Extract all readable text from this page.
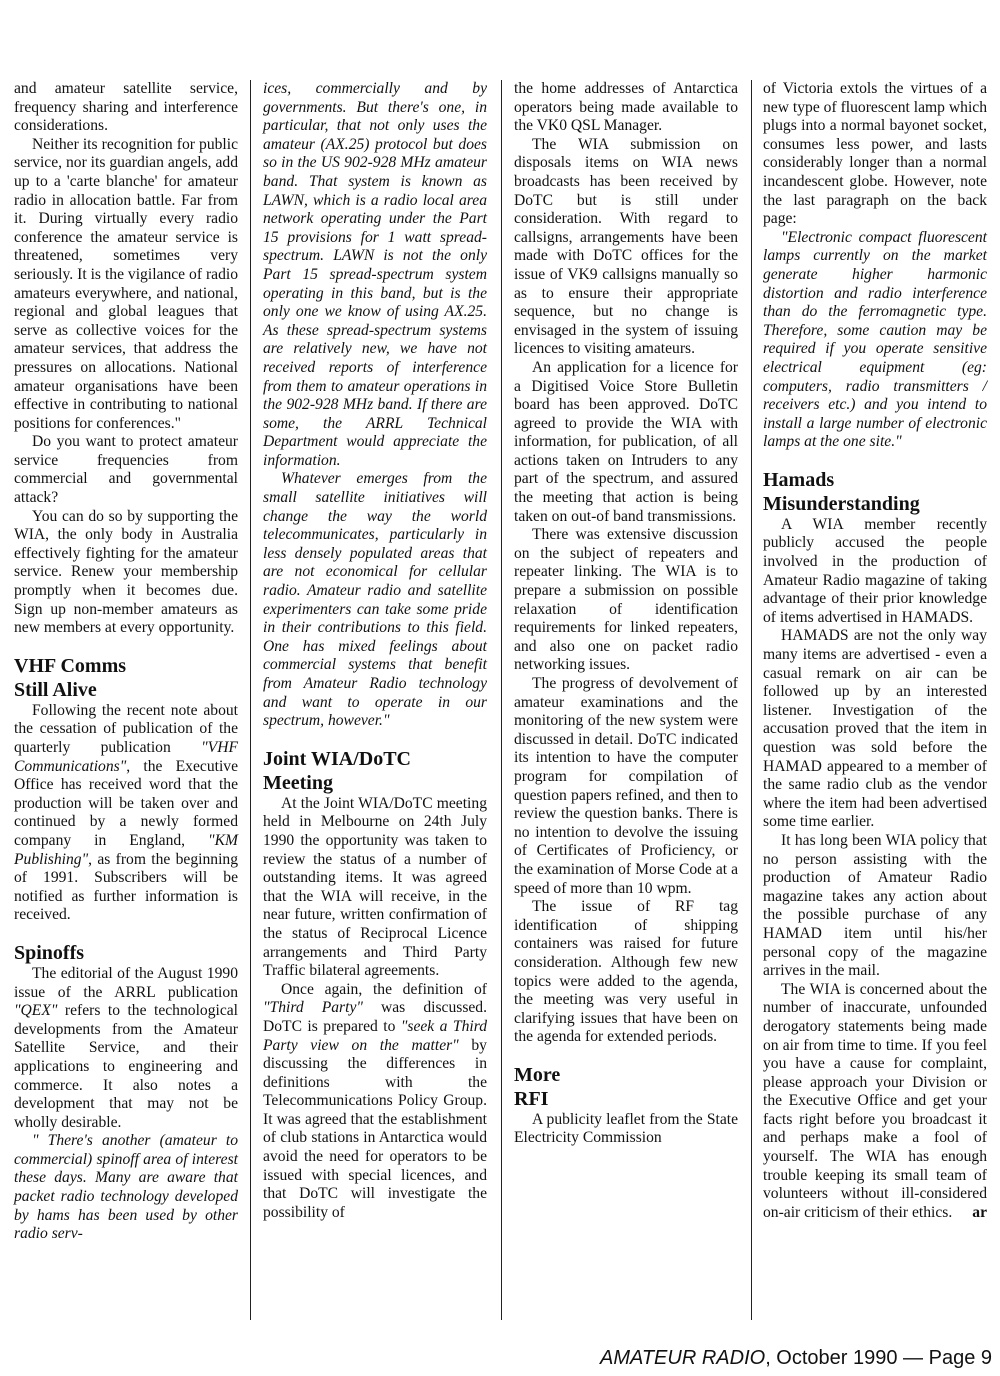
and amateur satellite service, frequency sharing and interference considerations.

Neither its recognition for public service, nor its guardian angels, add up to a 'carte blanche' for amateur radio in allocation battle. Far from it. During virtually every radio conference the amateur service is threatened, sometimes very seriously. It is the vigilance of radio amateurs everywhere, and national, regional and global leagues that serve as collective voices for the amateur services, that address the pressures on allocations. National amateur organisations have been effective in contributing to national positions for conferences."

Do you want to protect amateur service frequencies from commercial and governmental attack?

You can do so by supporting the WIA, the only body in Australia effectively fighting for the amateur service. Renew your membership promptly when it becomes due. Sign up non-member amateurs as new members at every opportunity.

VHF Comms
Still Alive

Following the recent note about the cessation of publication of the quarterly publication "VHF Communications", the Executive Office has received word that the production will be taken over and continued by a newly formed company in England, "KM Publishing", as from the beginning of 1991. Subscribers will be notified as further information is received.

Spinoffs

The editorial of the August 1990 issue of the ARRL publication "QEX" refers to the technological developments from the Amateur Satellite Service, and their applications to engineering and commerce. It also notes a development that may not be wholly desirable.

" There's another (amateur to commercial) spinoff area of interest these days. Many are aware that packet radio technology developed by hams has been used by other radio serv-

ices, commercially and by governments. But there's one, in particular, that not only uses the amateur (AX.25) protocol but does so in the US 902-928 MHz amateur band. That system is known as LAWN, which is a radio local area network operating under the Part 15 provisions for 1 watt spread-spectrum. LAWN is not the only Part 15 spread-spectrum system operating in this band, but is the only one we know of using AX.25. As these spread-spectrum systems are relatively new, we have not received reports of interference from them to amateur operations in the 902-928 MHz band. If there are some, the ARRL Technical Department would appreciate the information.

Whatever emerges from the small satellite initiatives will change the way the world telecommunicates, particularly in less densely populated areas that are not economical for cellular radio. Amateur radio and satellite experimenters can take some pride in their contributions to this field. One has mixed feelings about commercial systems that benefit from Amateur Radio technology and want to operate in our spectrum, however."

Joint WIA/DoTC
Meeting

At the Joint WIA/DoTC meeting held in Melbourne on 24th July 1990 the opportunity was taken to review the status of a number of outstanding items. It was agreed that the WIA will receive, in the near future, written confirmation of the status of Reciprocal Licence arrangements and Third Party Traffic bilateral agreements.

Once again, the definition of "Third Party" was discussed. DoTC is prepared to "seek a Third Party view on the matter" by discussing the differences in definitions with the Telecommunications Policy Group. It was agreed that the establishment of club stations in Antarctica would avoid the need for operators to be issued with special licences, and that DoTC will investigate the possibility of

the home addresses of Antarctica operators being made available to the VK0 QSL Manager.

The WIA submission on disposals items on WIA news broadcasts has been received by DoTC but is still under consideration. With regard to callsigns, arrangements have been made with DoTC offices for the issue of VK9 callsigns manually so as to ensure their appropriate sequence, but no change is envisaged in the system of issuing licences to visiting amateurs.

An application for a licence for a Digitised Voice Store Bulletin board has been approved. DoTC agreed to provide the WIA with information, for publication, of all actions taken on Intruders to any part of the spectrum, and assured the meeting that action is being taken on out-of band transmissions.

There was extensive discussion on the subject of repeaters and repeater linking. The WIA is to prepare a submission on possible relaxation of identification requirements for linked repeaters, and also one on packet radio networking issues.

The progress of devolvement of amateur examinations and the monitoring of the new system were discussed in detail. DoTC indicated its intention to have the computer program for compilation of question papers refined, and then to review the question banks. There is no intention to devolve the issuing of Certificates of Proficiency, or the examination of Morse Code at a speed of more than 10 wpm.

The issue of RF tag identification of shipping containers was raised for future consideration. Although few new topics were added to the agenda, the meeting was very useful in clarifying issues that have been on the agenda for extended periods.

More
RFI

A publicity leaflet from the State Electricity Commission

of Victoria extols the virtues of a new type of fluorescent lamp which plugs into a normal bayonet socket, consumes less power, and lasts considerably longer than a normal incandescent globe. However, note the last paragraph on the back page:

"Electronic compact fluorescent lamps currently on the market generate higher harmonic distortion and radio interference than do the ferromagnetic type. Therefore, some caution may be required if you operate sensitive electrical equipment (eg: computers, radio transmitters / receivers etc.) and you intend to install a large number of electronic lamps at the one site."

Hamads
Misunderstanding

A WIA member recently publicly accused the people involved in the production of Amateur Radio magazine of taking advantage of their prior knowledge of items advertised in HAMADS.

HAMADS are not the only way many items are advertised - even a casual remark on air can be followed up by an interested listener. Investigation of the accusation proved that the item in question was sold before the HAMAD appeared to a member of the same radio club as the vendor where the item had been advertised some time earlier.

It has long been WIA policy that no person assisting with the production of Amateur Radio magazine takes any action about the possible purchase of any HAMAD item until his/her personal copy of the magazine arrives in the mail.

The WIA is concerned about the number of inaccurate, unfounded derogatory statements being made on air from time to time. If you feel you have a cause for complaint, please approach your Division or the Executive Office and get your facts right before you broadcast it and perhaps make a fool of yourself. The WIA has enough trouble keeping its small team of volunteers without ill-considered on-air criticism of their ethics.	ar

AMATEUR RADIO, October 1990 — Page 9
